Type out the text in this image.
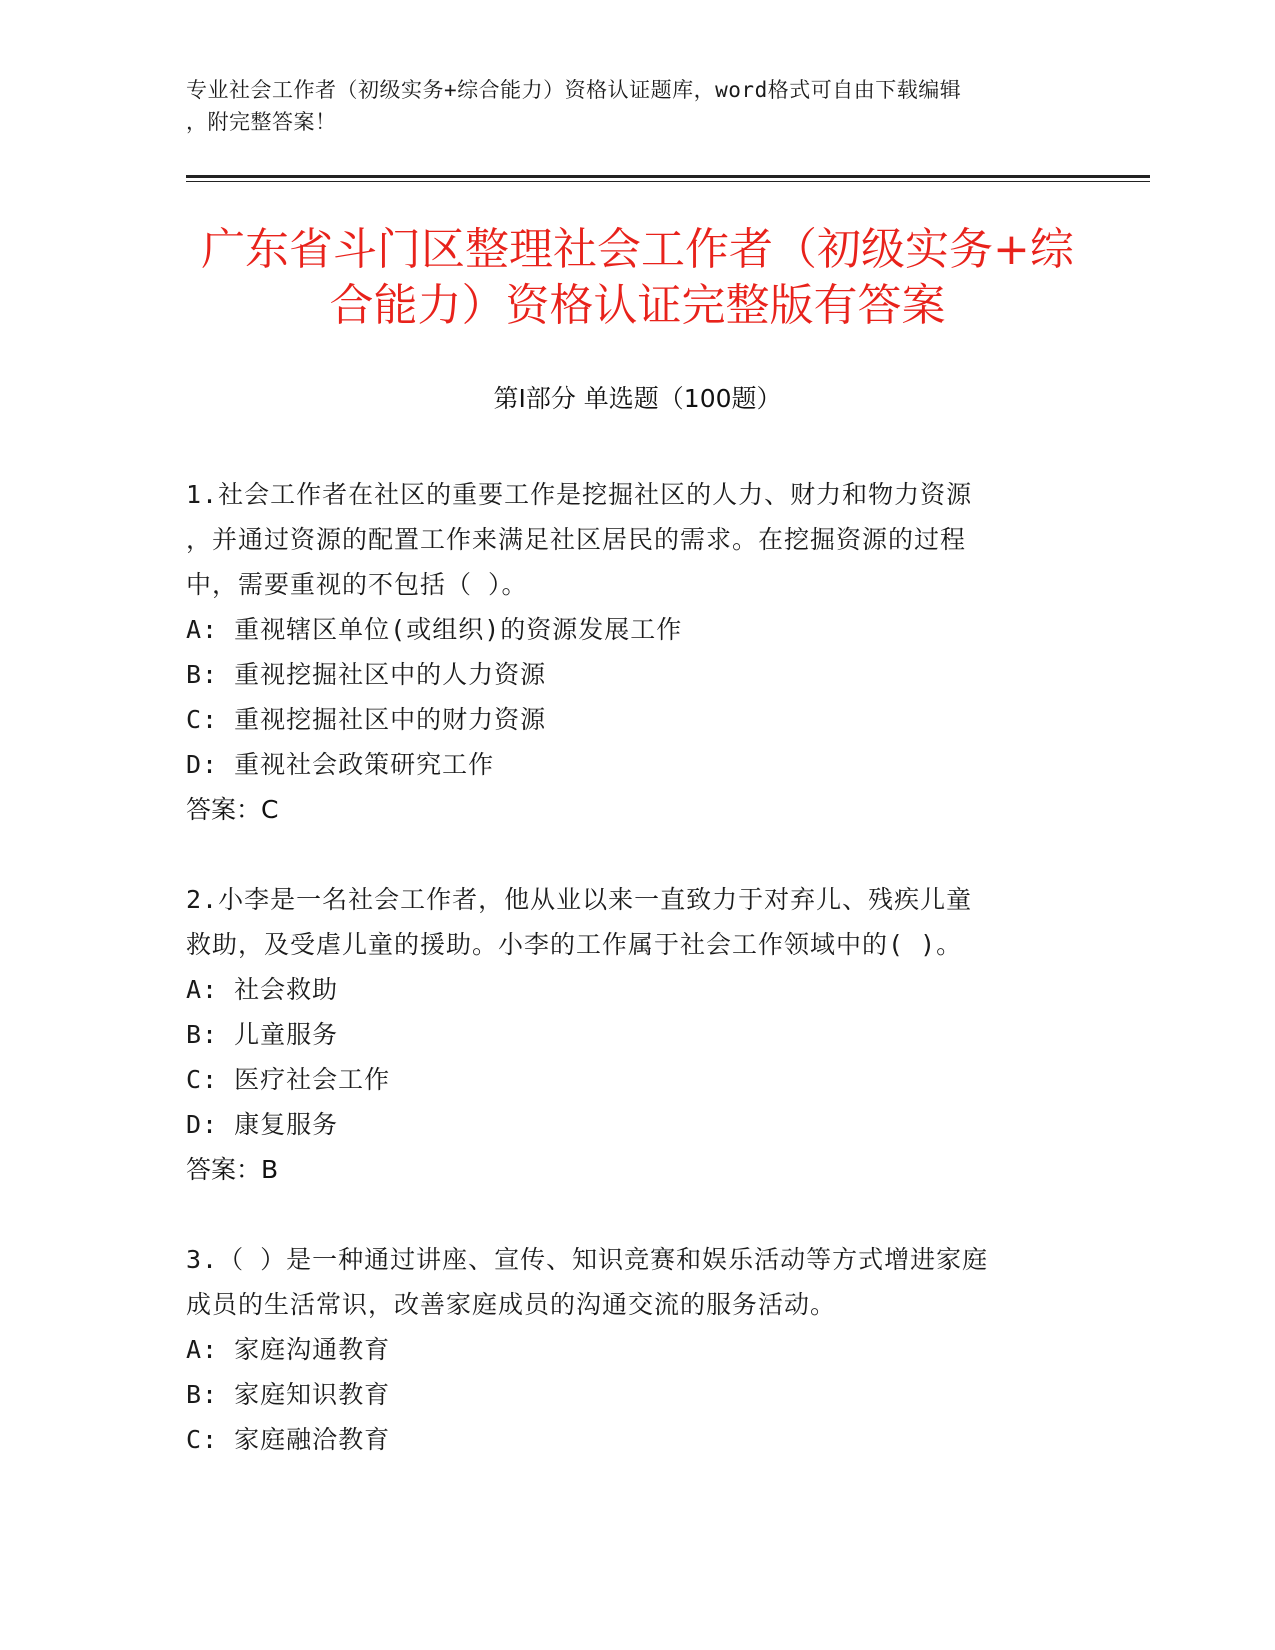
专业社会工作者（初级实务+综合能力）资格认证题库，word格式可自由下载编辑

，附完整答案！

广东省斗门区整理社会工作者（初级实务+综
合能力）资格认证完整版有答案
第Ⅰ部分 单选题（100题）

1.社会工作者在社区的重要工作是挖掘社区的人力、财力和物力资源

，并通过资源的配置工作来满足社区居民的需求。在挖掘资源的过程

中，需要重视的不包括（ ）。

A: 重视辖区单位(或组织)的资源发展工作

B: 重视挖掘社区中的人力资源

C: 重视挖掘社区中的财力资源

D: 重视社会政策研究工作

答案：C

2.小李是一名社会工作者，他从业以来一直致力于对弃儿、残疾儿童

救助，及受虐儿童的援助。小李的工作属于社会工作领域中的( )。

A: 社会救助

B: 儿童服务

C: 医疗社会工作

D: 康复服务

答案：B

3.（ ）是一种通过讲座、宣传、知识竞赛和娱乐活动等方式增进家庭

成员的生活常识，改善家庭成员的沟通交流的服务活动。

A: 家庭沟通教育

B: 家庭知识教育

C: 家庭融洽教育
